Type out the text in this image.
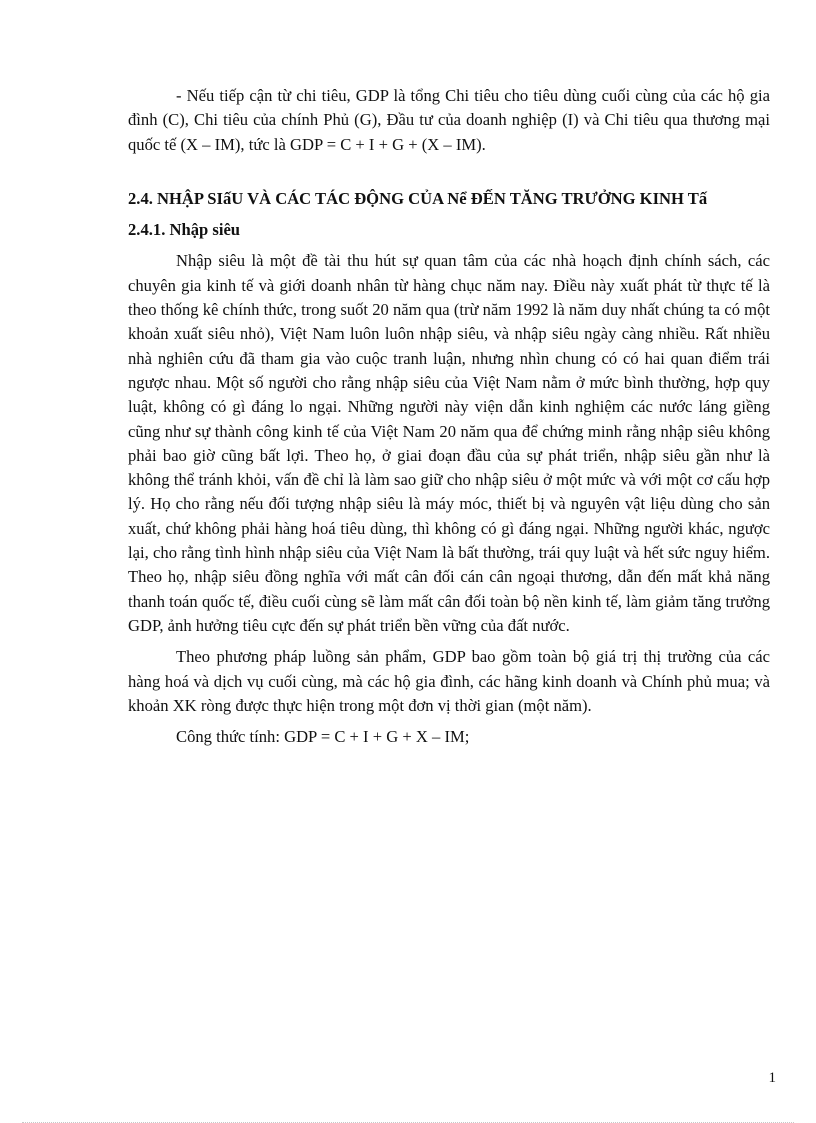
- Nếu tiếp cận từ chi tiêu, GDP là tổng Chi tiêu cho tiêu dùng cuối cùng của các hộ gia đình (C), Chi tiêu của chính Phủ (G), Đầu tư của doanh nghiệp (I) và Chi tiêu qua thương mại quốc tế (X – IM), tức là GDP = C + I + G + (X – IM).

2.4. NHẬP SIấU VÀ CÁC TÁC ĐỘNG CỦA Nể ĐẾN TĂNG TRƯỞNG KINH Tấ
2.4.1. Nhập siêu

Nhập siêu là một đề tài thu hút sự quan tâm của các nhà hoạch định chính sách, các chuyên gia kinh tế và giới doanh nhân từ hàng chục năm nay. Điều này xuất phát từ thực tế là theo thống kê chính thức, trong suốt 20 năm qua (trừ năm 1992 là năm duy nhất chúng ta có một khoản xuất siêu nhỏ), Việt Nam luôn luôn nhập siêu, và nhập siêu ngày càng nhiều. Rất nhiều nhà nghiên cứu đã tham gia vào cuộc tranh luận, nhưng nhìn chung có có hai quan điểm trái ngược nhau. Một số người cho rằng nhập siêu của Việt Nam nằm ở mức bình thường, hợp quy luật, không có gì đáng lo ngại. Những người này viện dẫn kinh nghiệm các nước láng giềng cũng như sự thành công kinh tế của Việt Nam 20 năm qua để chứng minh rằng nhập siêu không phải bao giờ cũng bất lợi. Theo họ, ở giai đoạn đầu của sự phát triển, nhập siêu gần như là không thể tránh khỏi, vấn đề chỉ là làm sao giữ cho nhập siêu ở một mức và với một cơ cấu hợp lý. Họ cho rằng nếu đối tượng nhập siêu là máy móc, thiết bị và nguyên vật liệu dùng cho sản xuất, chứ không phải hàng hoá tiêu dùng, thì không có gì đáng ngại. Những người khác, ngược lại, cho rằng tình hình nhập siêu của Việt Nam là bất thường, trái quy luật và hết sức nguy hiểm. Theo họ, nhập siêu đồng nghĩa với mất cân đối cán cân ngoại thương, dẫn đến mất khả năng thanh toán quốc tế, điều cuối cùng sẽ làm mất cân đối toàn bộ nền kinh tế, làm giảm tăng trưởng GDP, ảnh hưởng tiêu cực đến sự phát triển bền vững của đất nước.

Theo phương pháp luồng sản phẩm, GDP bao gồm toàn bộ giá trị thị trường của các hàng hoá và dịch vụ cuối cùng, mà các hộ gia đình, các hãng kinh doanh và Chính phủ mua; và khoản XK ròng được thực hiện trong một đơn vị thời gian (một năm).

Công thức tính: GDP = C + I + G + X – IM;

1
